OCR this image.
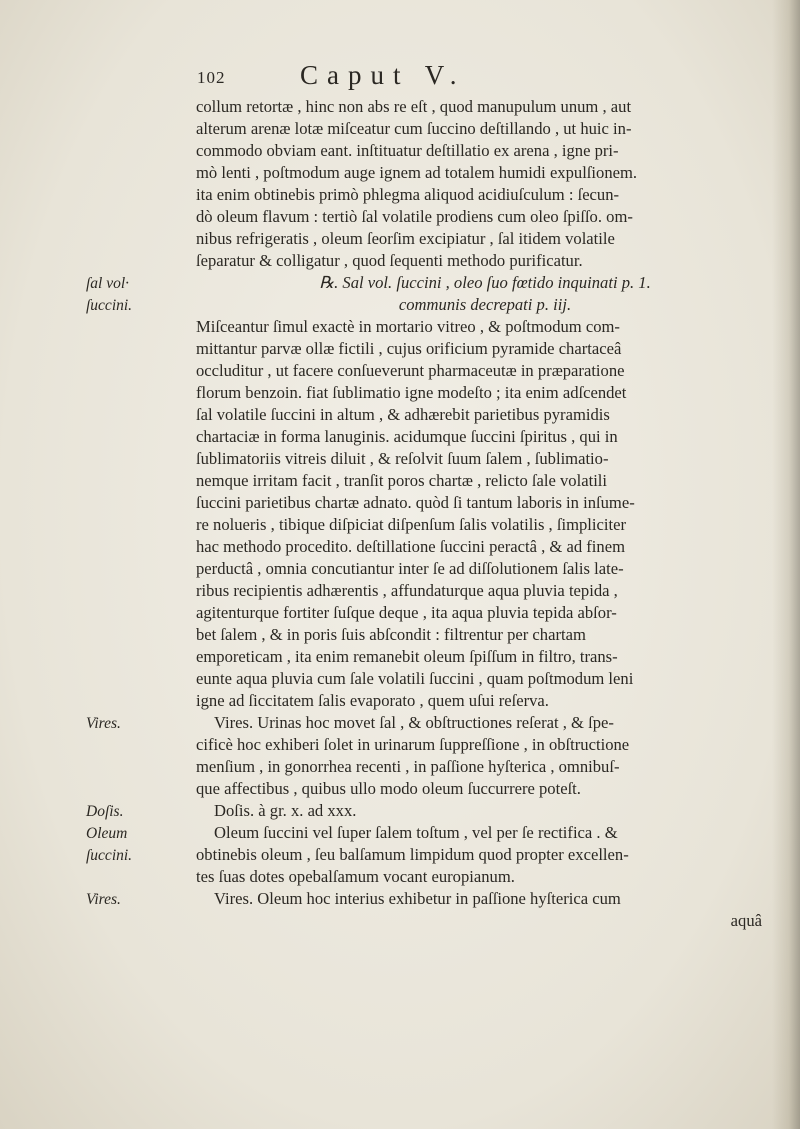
102	Caput V.
collum retortæ , hinc non abs re eſt , quod manupulum unum , aut
alterum arenæ lotæ miſceatur cum ſuccino deſtillando , ut huic in-
commodo obviam eant. inſtituatur deſtillatio ex arena , igne pri-
mò lenti , poſtmodum auge ignem ad totalem humidi expulſionem.
ita enim obtinebis primò phlegma aliquod acidiuſculum : ſecun-
dò oleum flavum : tertiò ſal volatile prodiens cum oleo ſpiſſo. om-
nibus refrigeratis , oleum ſeorſim excipiatur , ſal itidem volatile
ſeparatur & colligatur , quod ſequenti methodo purificatur.
℞. Sal vol. ſuccini , oleo ſuo fœtido inquinati p. 1.
communis decrepati p. iij.
Miſceantur ſimul exactè in mortario vitreo , & poſtmodum com-
mittantur parvæ ollæ fictili , cujus orificium pyramide chartaceâ
occluditur , ut facere conſueverunt pharmaceutæ in præparatione
florum benzoin. fiat ſublimatio igne modeſto ; ita enim adſcendet
ſal volatile ſuccini in altum , & adhærebit parietibus pyramidis
chartaciæ in forma lanuginis. acidumque ſuccini ſpiritus , qui in
ſublimatoriis vitreis diluit , & reſolvit ſuum ſalem , ſublimatio-
nemque irritam facit , tranſit poros chartæ , relicto ſale volatili
ſuccini parietibus chartæ adnato. quòd ſi tantum laboris in inſume-
re nolueris , tibique diſpiciat diſpenſum ſalis volatilis , ſimpliciter
hac methodo procedito. deſtillatione ſuccini peractâ , & ad finem
perductâ , omnia concutiantur inter ſe ad diſſolutionem ſalis late-
ribus recipientis adhærentis , affundaturque aqua pluvia tepida ,
agitenturque fortiter ſuſque deque , ita aqua pluvia tepida abſor-
bet ſalem , & in poris ſuis abſcondit : filtrentur per chartam
emporeticam , ita enim remanebit oleum ſpiſſum in filtro, trans-
eunte aqua pluvia cum ſale volatili ſuccini , quam poſtmodum leni
igne ad ſiccitatem ſalis evaporato , quem uſui reſerva.
Vires. Urinas hoc movet ſal , & obſtructiones reſerat , & ſpe-
cificè hoc exhiberi ſolet in urinarum ſuppreſſione , in obſtructione
menſium , in gonorrhea recenti , in paſſione hyſterica , omnibuſ-
que affectibus , quibus ullo modo oleum ſuccurrere poteſt.
Doſis. à gr. x. ad xxx.
Oleum ſuccini vel ſuper ſalem toſtum , vel per ſe rectifica . &
obtinebis oleum , ſeu balſamum limpidum quod propter excellen-
tes ſuas dotes opebalſamum vocant europianum.
Vires. Oleum hoc interius exhibetur in paſſione hyſterica cum
aquâ
ſal vol·
ſuccini.
Vires.
Doſis.
Oleum
ſuccini.
Vires.
